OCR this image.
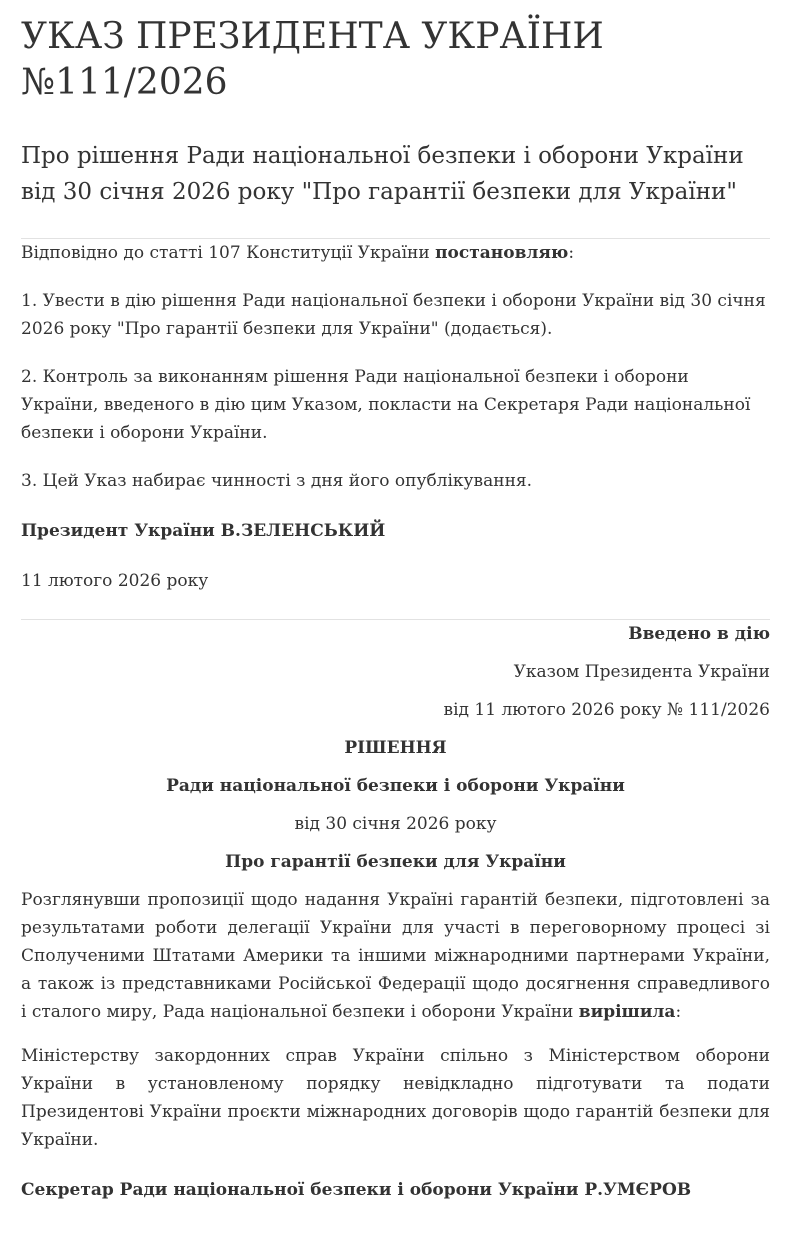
УКАЗ ПРЕЗИДЕНТА УКРАЇНИ №111/2026

Про рішення Ради національної безпеки і оборони України від 30 січня 2026 року "Про гарантії безпеки для України"

Відповідно до статті 107 Конституції України постановляю:

1. Увести в дію рішення Ради національної безпеки і оборони України від 30 січня 2026 року "Про гарантії безпеки для України" (додається).

2. Контроль за виконанням рішення Ради національної безпеки і оборони України, введеного в дію цим Указом, покласти на Секретаря Ради національної безпеки і оборони України.

3. Цей Указ набирає чинності з дня його опублікування.

Президент України В.ЗЕЛЕНСЬКИЙ

11 лютого 2026 року

Введено в дію

Указом Президента України

від 11 лютого 2026 року № 111/2026

РІШЕННЯ

Ради національної безпеки і оборони України

від 30 січня 2026 року

Про гарантії безпеки для України

Розглянувши пропозиції щодо надання Україні гарантій безпеки, підготовлені за результатами роботи делегації України для участі в переговорному процесі зі Сполученими Штатами Америки та іншими міжнародними партнерами України, а також із представниками Російської Федерації щодо досягнення справедливого і сталого миру, Рада національної безпеки і оборони України вирішила:

Міністерству закордонних справ України спільно з Міністерством оборони України в установленому порядку невідкладно підготувати та подати Президентові України проєкти міжнародних договорів щодо гарантій безпеки для України.

Секретар Ради національної безпеки і оборони України Р.УМЄРОВ
